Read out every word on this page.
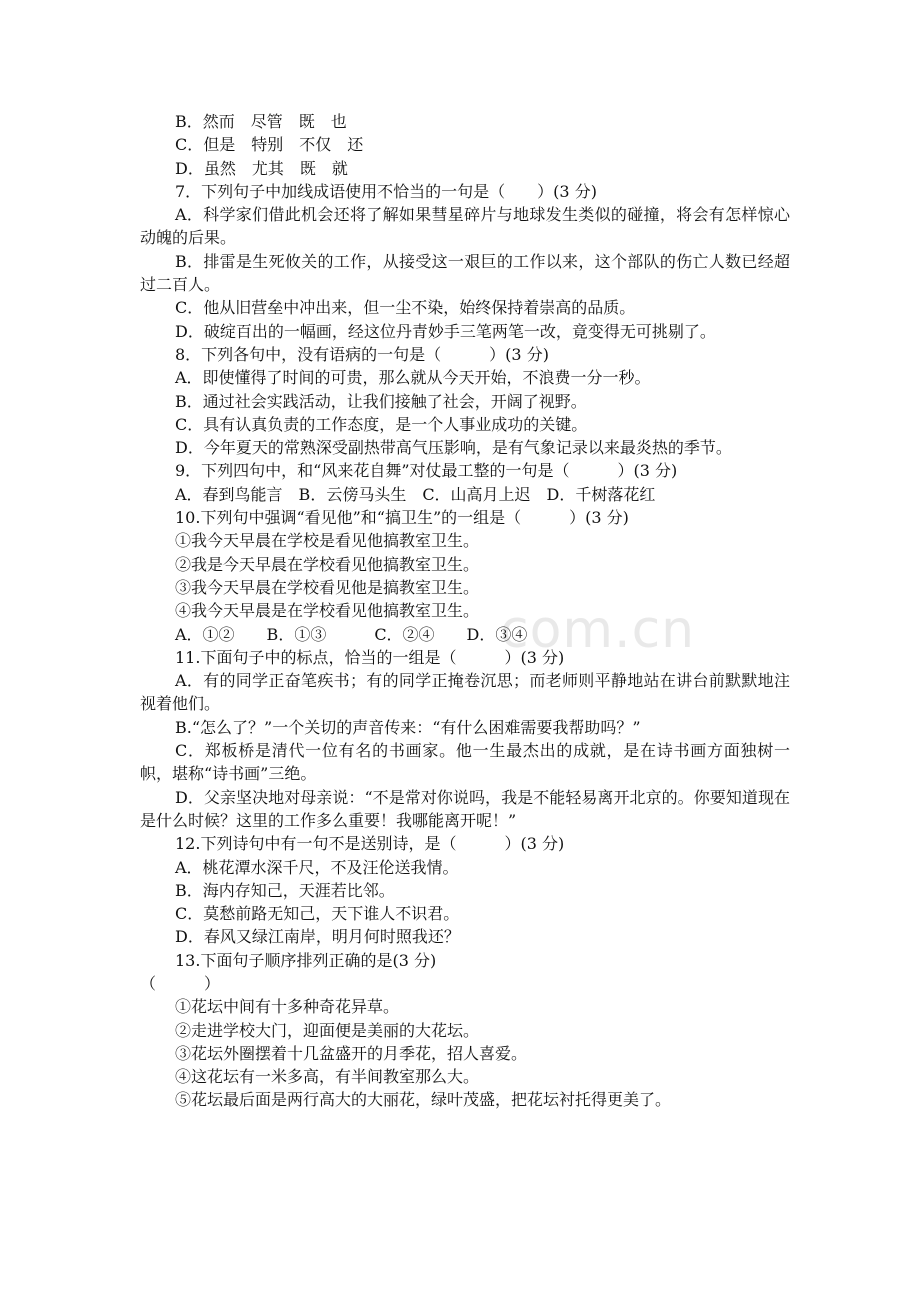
com.cn
B．然而　尽管　既　也
C．但是　特别　不仅　还
D．虽然　尤其　既　就
7．下列句子中加线成语使用不恰当的一句是（　　）(3 分)
A．科学家们借此机会还将了解如果彗星碎片与地球发生类似的碰撞，将会有怎样惊心动魄的后果。
B．排雷是生死攸关的工作，从接受这一艰巨的工作以来，这个部队的伤亡人数已经超过二百人。
C．他从旧营垒中冲出来，但一尘不染，始终保持着崇高的品质。
D．破绽百出的一幅画，经这位丹青妙手三笔两笔一改，竟变得无可挑剔了。
8．下列各句中，没有语病的一句是（　　　）(3 分)
A．即使懂得了时间的可贵，那么就从今天开始，不浪费一分一秒。
B．通过社会实践活动，让我们接触了社会，开阔了视野。
C．具有认真负责的工作态度，是一个人事业成功的关键。
D．今年夏天的常熟深受副热带高气压影响，是有气象记录以来最炎热的季节。
9．下列四句中，和“风来花自舞”对仗最工整的一句是（　　　）(3 分)
A．春到鸟能言　B．云傍马头生　C．山高月上迟　D．千树落花红
10.下列句中强调“看见他”和“搞卫生”的一组是（　　　）(3 分)
①我今天早晨在学校是看见他搞教室卫生。
②我是今天早晨在学校看见他搞教室卫生。
③我今天早晨在学校看见他是搞教室卫生。
④我今天早晨是在学校看见他搞教室卫生。
A．①②　　B．①③　　　C．②④　　D．③④
11.下面句子中的标点，恰当的一组是（　　　）(3 分)
A．有的同学正奋笔疾书；有的同学正掩卷沉思；而老师则平静地站在讲台前默默地注视着他们。
B.“怎么了？”一个关切的声音传来：“有什么困难需要我帮助吗？”
C．郑板桥是清代一位有名的书画家。他一生最杰出的成就，是在诗书画方面独树一帜，堪称“诗书画”三绝。
D．父亲坚决地对母亲说：“不是常对你说吗，我是不能轻易离开北京的。你要知道现在是什么时候？这里的工作多么重要！我哪能离开呢！”
12.下列诗句中有一句不是送别诗，是（　　　）(3 分)
A．桃花潭水深千尺，不及汪伦送我情。
B．海内存知己，天涯若比邻。
C．莫愁前路无知己，天下谁人不识君。
D．春风又绿江南岸，明月何时照我还？
13.下面句子顺序排列正确的是(3 分)
（　　　）
①花坛中间有十多种奇花异草。
②走进学校大门，迎面便是美丽的大花坛。
③花坛外圈摆着十几盆盛开的月季花，招人喜爱。
④这花坛有一米多高，有半间教室那么大。
⑤花坛最后面是两行高大的大丽花，绿叶茂盛，把花坛衬托得更美了。
